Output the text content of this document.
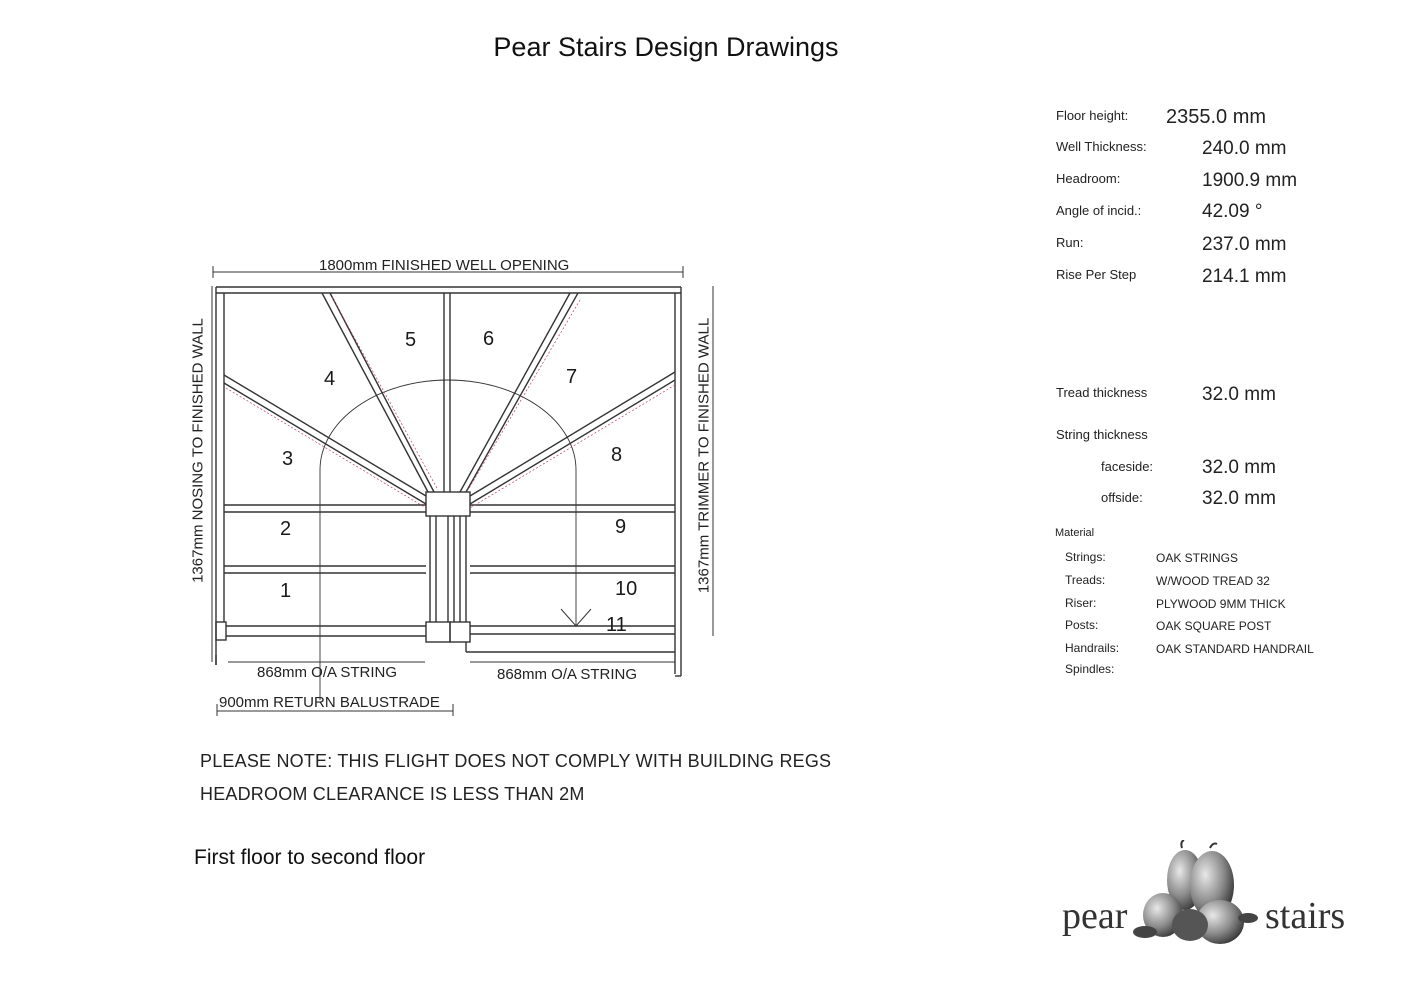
Pear Stairs Design Drawings
Floor height: 2355.0 mm
Well Thickness:	240.0 mm
Headroom:	1900.9 mm
Angle of incid.:	42.09 °
Run:	237.0 mm
Rise Per Step	214.1 mm
Tread thickness	32.0 mm
String thickness
faceside:	32.0 mm
offside:	32.0 mm
Material
Strings:	OAK STRINGS
Treads:	W/WOOD TREAD 32
Riser:	PLYWOOD 9MM THICK
Posts:	OAK SQUARE POST
Handrails:	OAK STANDARD HANDRAIL
Spindles:
1800mm FINISHED WELL OPENING
1367mm NOSING TO FINISHED WALL	1367mm TRIMMER TO FINISHED WALL
868mm O/A STRING	868mm O/A STRING
900mm RETURN BALUSTRADE
1
2
3
4
5	6
7
8
9
10
11
PLEASE NOTE: THIS FLIGHT DOES NOT COMPLY WITH BUILDING REGS
HEADROOM CLEARANCE IS LESS THAN 2M
First floor to second floor
pear	stairs
